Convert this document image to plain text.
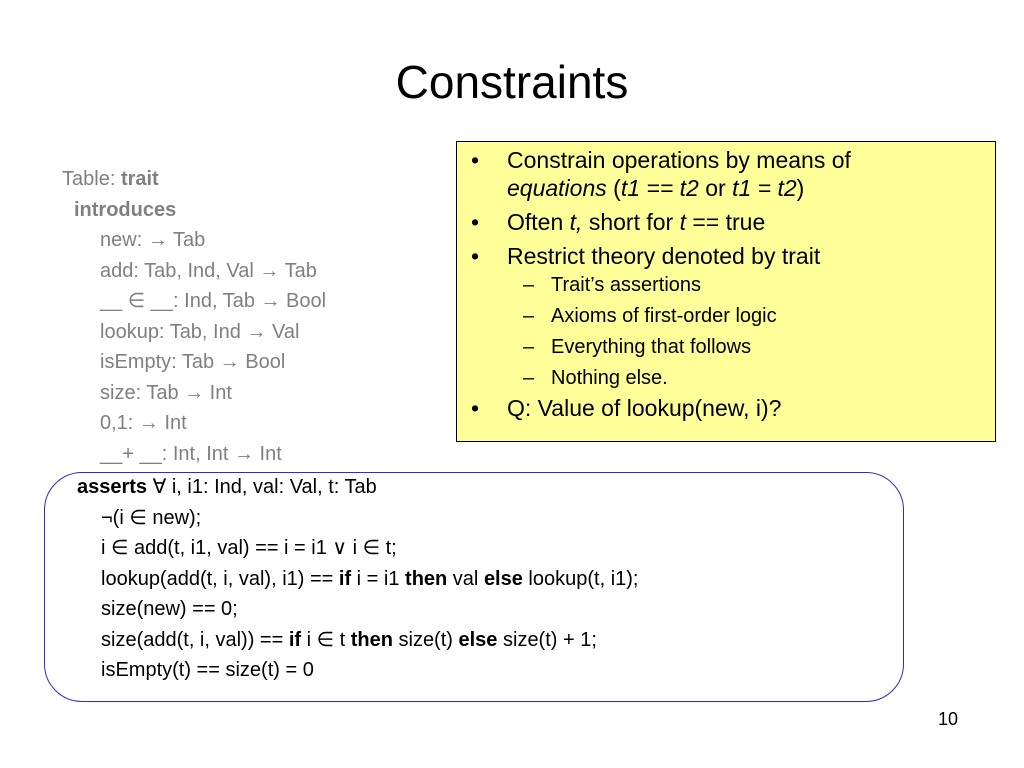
Constraints
Table: trait
introduces
new: → Tab
add: Tab, Ind, Val → Tab
__ ∈ __: Ind, Tab → Bool
lookup: Tab, Ind → Val
isEmpty: Tab → Bool
size: Tab → Int
0,1: → Int
__+ __: Int, Int → Int
asserts ∀ i, i1: Ind, val: Val, t: Tab
¬(i ∈ new);
i ∈ add(t, i1, val) == i = i1 ∨ i ∈ t;
lookup(add(t, i, val), i1) == if i = i1 then val else lookup(t, i1);
size(new) == 0;
size(add(t, i, val)) == if i ∈ t then size(t) else size(t) + 1;
isEmpty(t) == size(t) = 0
• Constrain operations by means of
equations (t1 == t2 or t1 = t2)
• Often t, short for t == true
• Restrict theory denoted by trait
– Trait’s assertions
– Axioms of first-order logic
– Everything that follows
– Nothing else.
• Q: Value of lookup(new, i)?
10
